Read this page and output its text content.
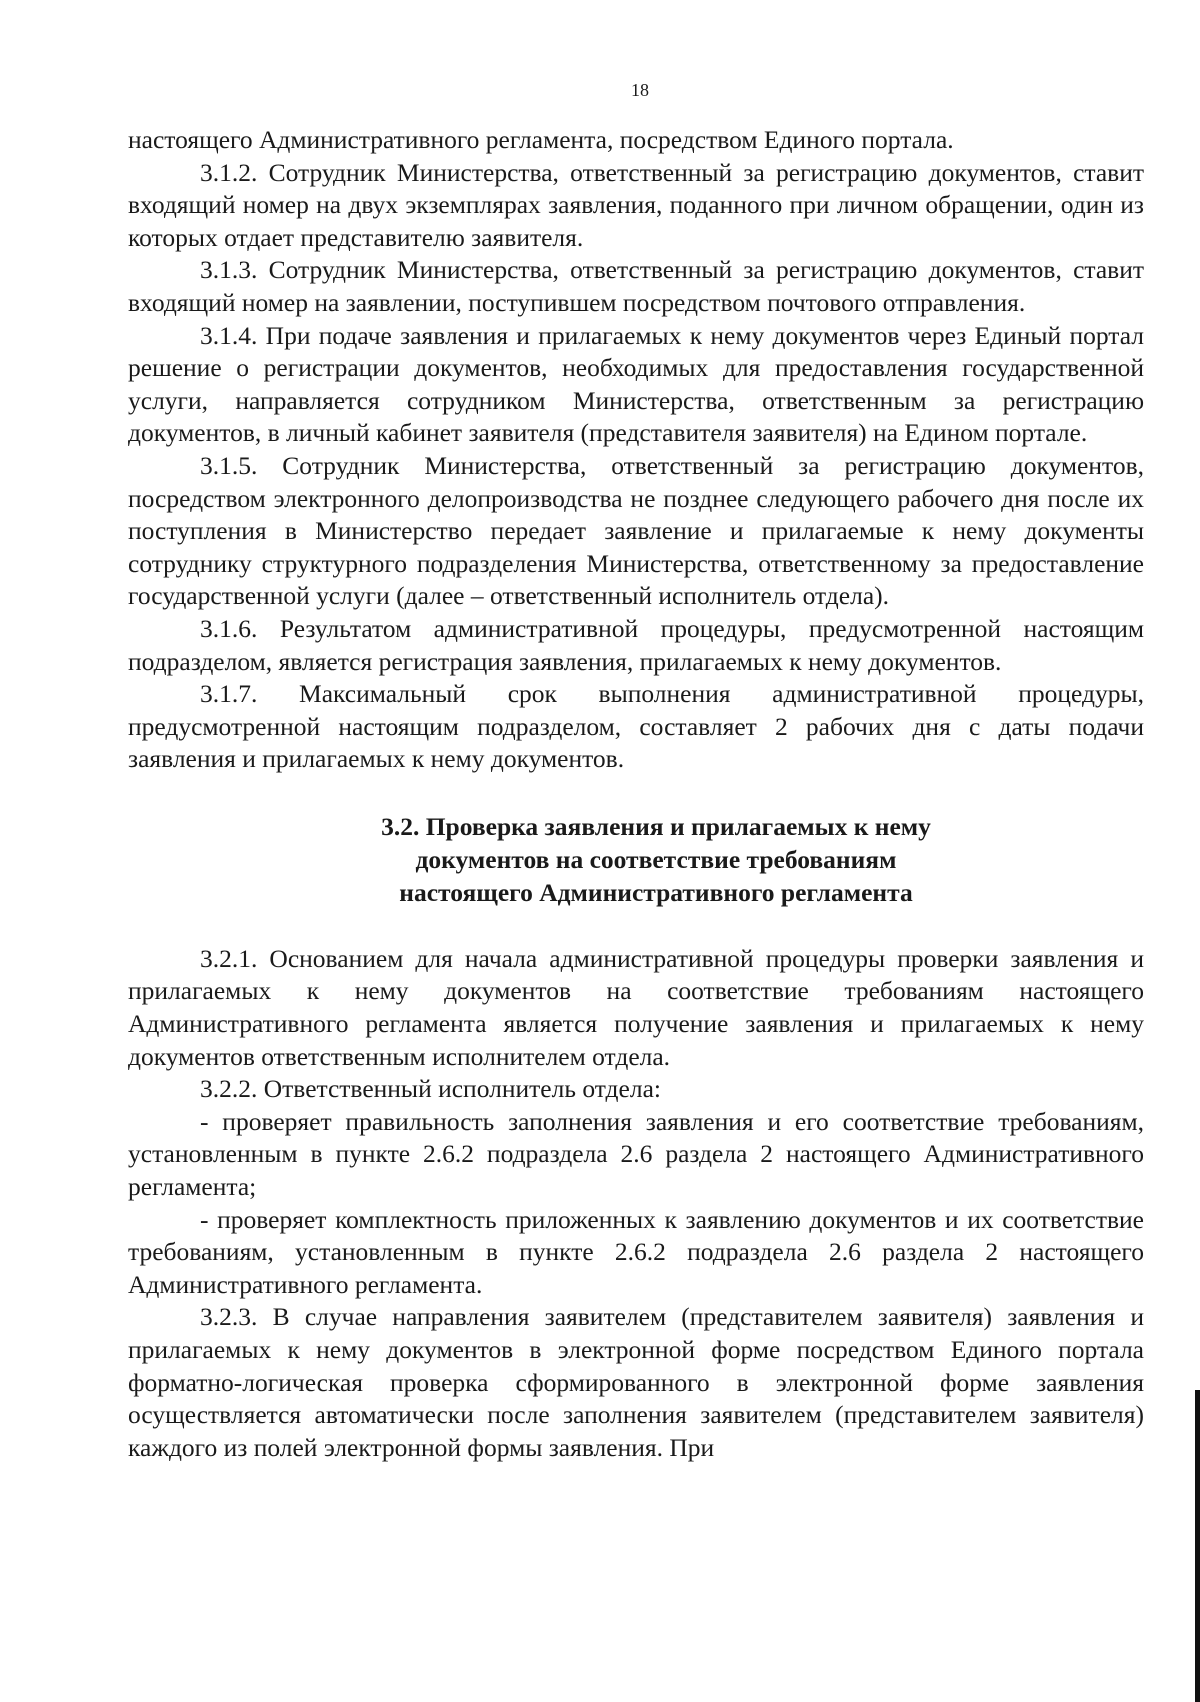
18

настоящего Административного регламента, посредством Единого портала.

3.1.2. Сотрудник Министерства, ответственный за регистрацию документов, ставит входящий номер на двух экземплярах заявления, поданного при личном обращении, один из которых отдает представителю заявителя.

3.1.3. Сотрудник Министерства, ответственный за регистрацию документов, ставит входящий номер на заявлении, поступившем посредством почтового отправления.

3.1.4. При подаче заявления и прилагаемых к нему документов через Единый портал решение о регистрации документов, необходимых для предоставления государственной услуги, направляется сотрудником Министерства, ответственным за регистрацию документов, в личный кабинет заявителя (представителя заявителя) на Едином портале.

3.1.5. Сотрудник Министерства, ответственный за регистрацию документов, посредством электронного делопроизводства не позднее следующего рабочего дня после их поступления в Министерство передает заявление и прилагаемые к нему документы сотруднику структурного подразделения Министерства, ответственному за предоставление государственной услуги (далее – ответственный исполнитель отдела).

3.1.6. Результатом административной процедуры, предусмотренной настоящим подразделом, является регистрация заявления, прилагаемых к нему документов.

3.1.7. Максимальный срок выполнения административной процедуры, предусмотренной настоящим подразделом, составляет 2 рабочих дня с даты подачи заявления и прилагаемых к нему документов.

3.2. Проверка заявления и прилагаемых к нему
документов на соответствие требованиям
настоящего Административного регламента

3.2.1. Основанием для начала административной процедуры проверки заявления и прилагаемых к нему документов на соответствие требованиям настоящего Административного регламента является получение заявления и прилагаемых к нему документов ответственным исполнителем отдела.

3.2.2. Ответственный исполнитель отдела:

- проверяет правильность заполнения заявления и его соответствие требованиям, установленным в пункте 2.6.2 подраздела 2.6 раздела 2 настоящего Административного регламента;

- проверяет комплектность приложенных к заявлению документов и их соответствие требованиям, установленным в пункте 2.6.2 подраздела 2.6 раздела 2 настоящего Административного регламента.

3.2.3. В случае направления заявителем (представителем заявителя) заявления и прилагаемых к нему документов в электронной форме посредством Единого портала форматно-логическая проверка сформированного в электронной форме заявления осуществляется автоматически после заполнения заявителем (представителем заявителя) каждого из полей электронной формы заявления. При
